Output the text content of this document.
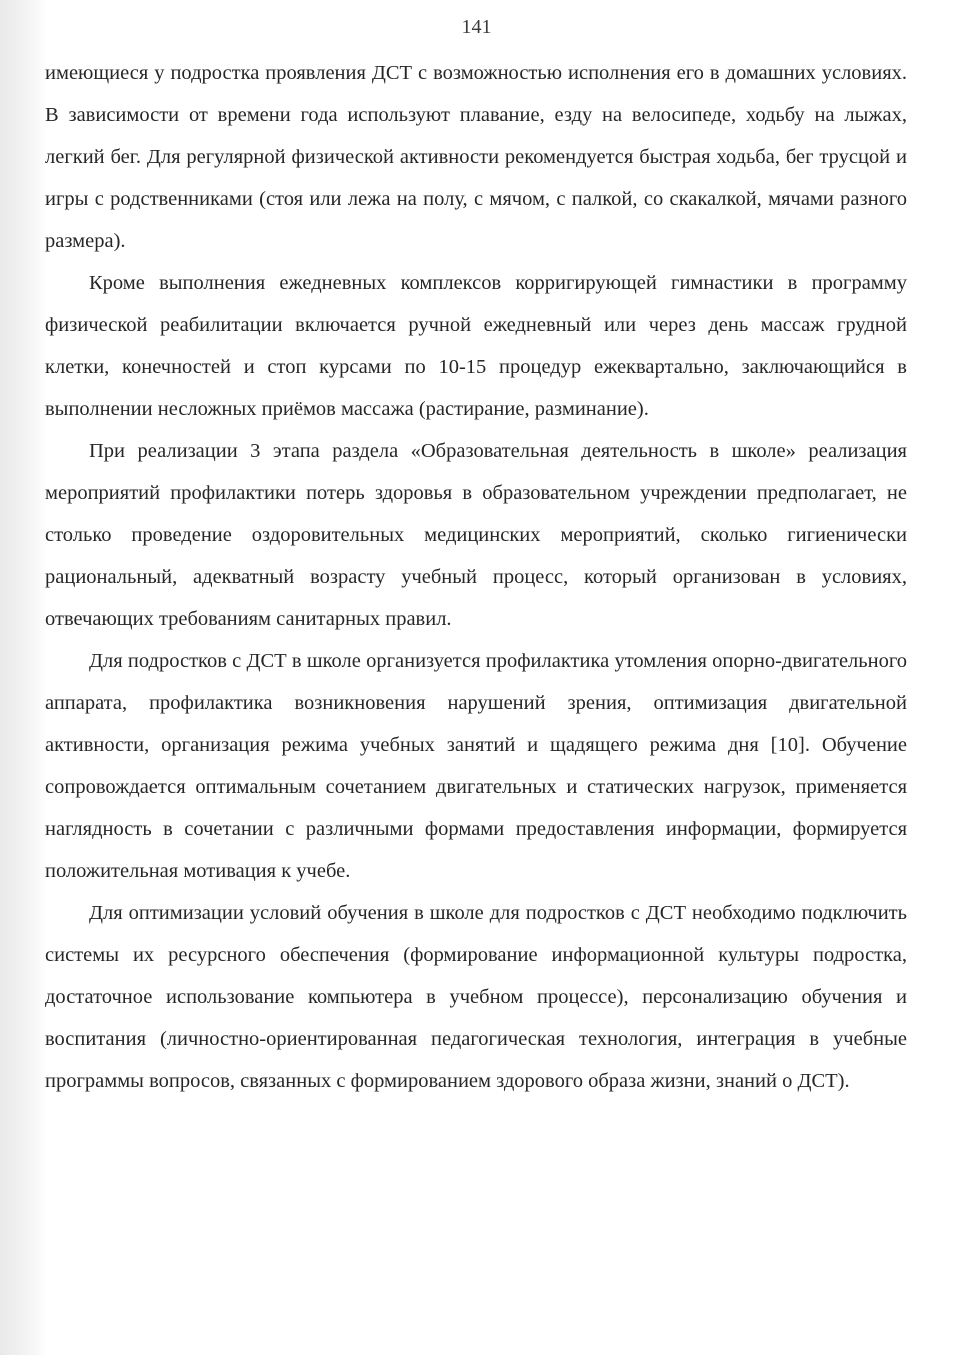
141

имеющиеся у подростка проявления ДСТ с возможностью исполнения его в домашних условиях. В зависимости от времени года используют плавание, езду на велосипеде, ходьбу на лыжах, легкий бег. Для регулярной физической активности рекомендуется быстрая ходьба, бег трусцой и игры с родственниками (стоя или лежа на полу, с мячом, с палкой, со скакалкой, мячами разного размера).

Кроме выполнения ежедневных комплексов корригирующей гимнастики в программу физической реабилитации включается ручной ежедневный или через день массаж грудной клетки, конечностей и стоп курсами по 10-15 процедур ежеквартально, заключающийся в выполнении несложных приёмов массажа (растирание, разминание).

При реализации 3 этапа раздела «Образовательная деятельность в школе» реализация мероприятий профилактики потерь здоровья в образовательном учреждении предполагает, не столько проведение оздоровительных медицинских мероприятий, сколько гигиенически рациональный, адекватный возрасту учебный процесс, который организован в условиях, отвечающих требованиям санитарных правил.

Для подростков с ДСТ в школе организуется профилактика утомления опорно-двигательного аппарата, профилактика возникновения нарушений зрения, оптимизация двигательной активности, организация режима учебных занятий и щадящего режима дня [10]. Обучение сопровождается оптимальным сочетанием двигательных и статических нагрузок, применяется наглядность в сочетании с различными формами предоставления информации, формируется положительная мотивация к учебе.

Для оптимизации условий обучения в школе для подростков с ДСТ необходимо подключить системы их ресурсного обеспечения (формирование информационной культуры подростка, достаточное использование компьютера в учебном процессе), персонализацию обучения и воспитания (личностно-ориентированная педагогическая технология, интеграция в учебные программы вопросов, связанных с формированием здорового образа жизни, знаний о ДСТ).
